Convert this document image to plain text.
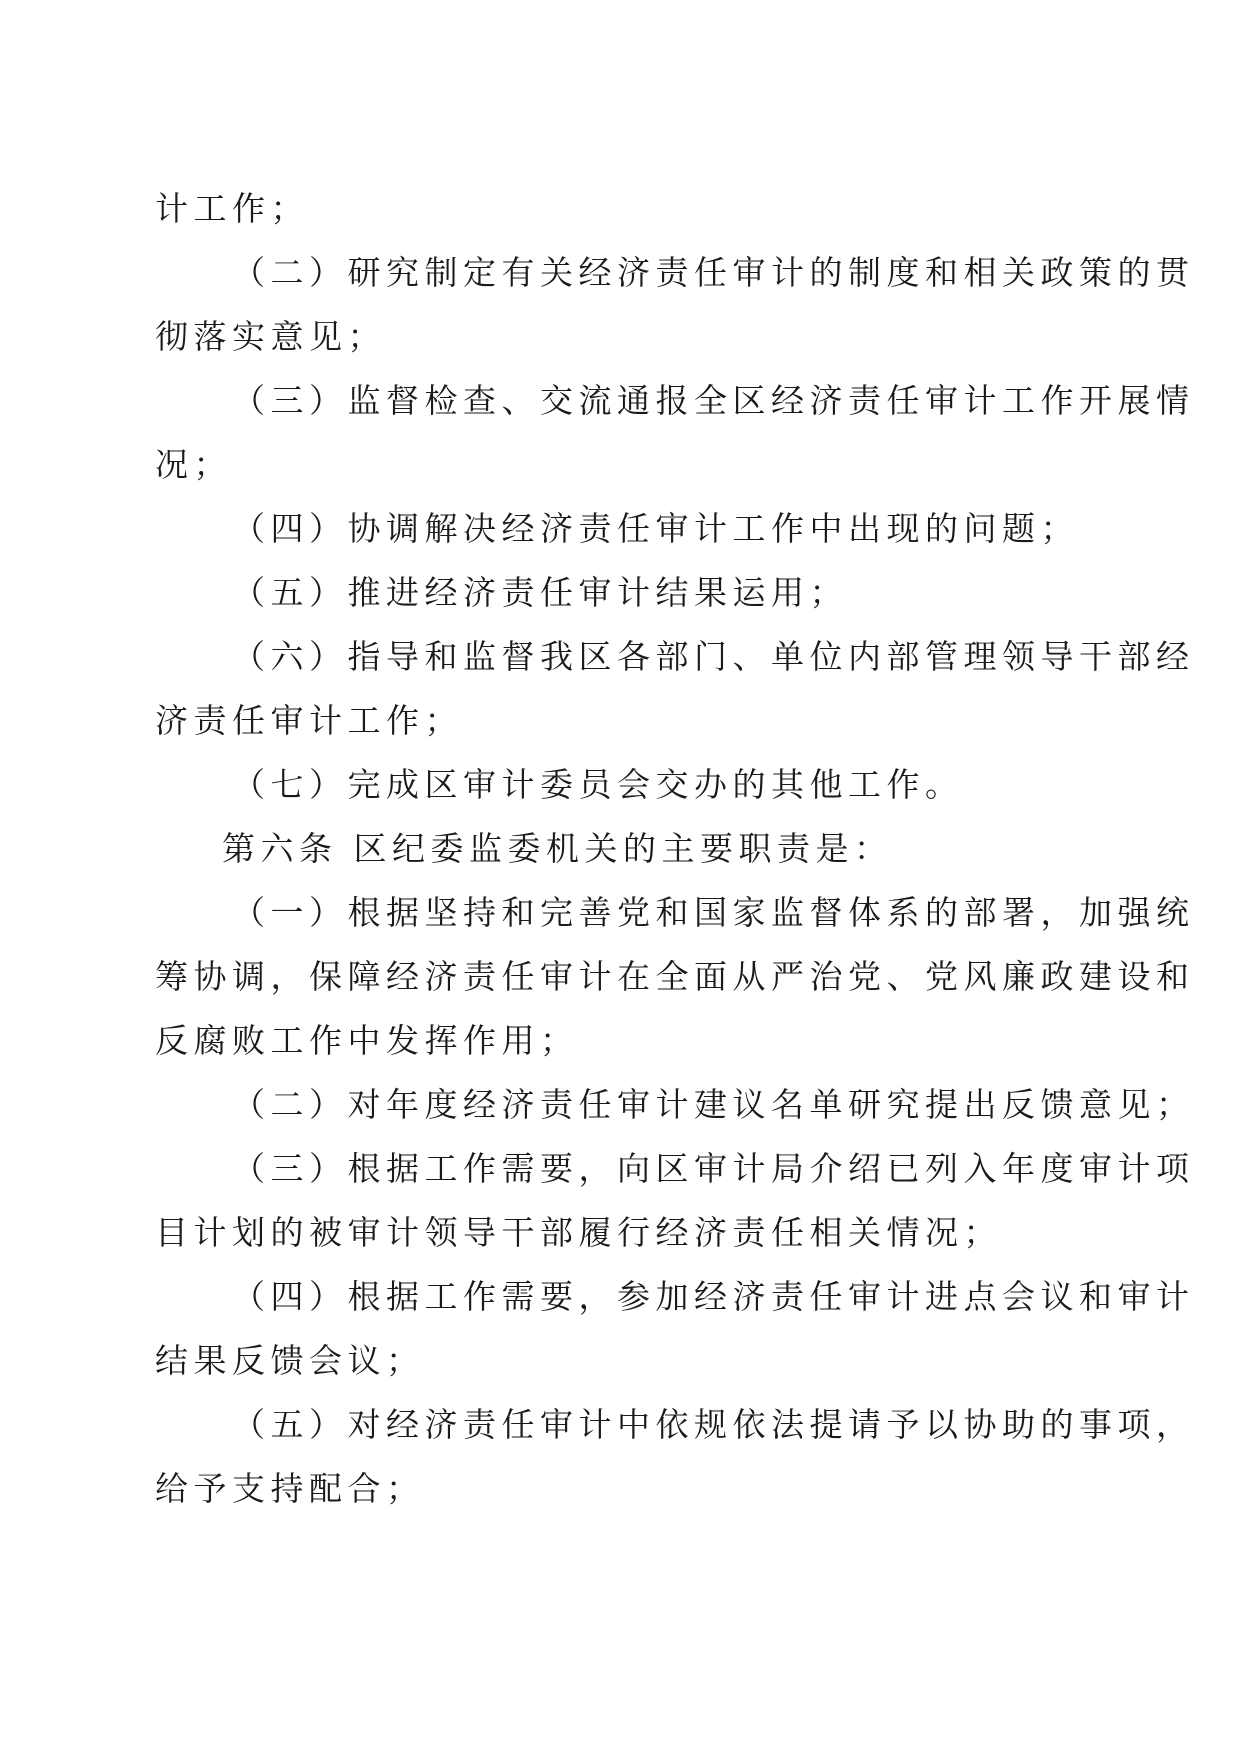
计工作；
（二）研究制定有关经济责任审计的制度和相关政策的贯
彻落实意见；
（三）监督检查、交流通报全区经济责任审计工作开展情
况；
（四）协调解决经济责任审计工作中出现的问题；
（五）推进经济责任审计结果运用；
（六）指导和监督我区各部门、单位内部管理领导干部经
济责任审计工作；
（七）完成区审计委员会交办的其他工作。
第六条 区纪委监委机关的主要职责是：
（一）根据坚持和完善党和国家监督体系的部署，加强统
筹协调，保障经济责任审计在全面从严治党、党风廉政建设和
反腐败工作中发挥作用；
（二）对年度经济责任审计建议名单研究提出反馈意见；
（三）根据工作需要，向区审计局介绍已列入年度审计项
目计划的被审计领导干部履行经济责任相关情况；
（四）根据工作需要，参加经济责任审计进点会议和审计
结果反馈会议；
（五）对经济责任审计中依规依法提请予以协助的事项，
给予支持配合；
